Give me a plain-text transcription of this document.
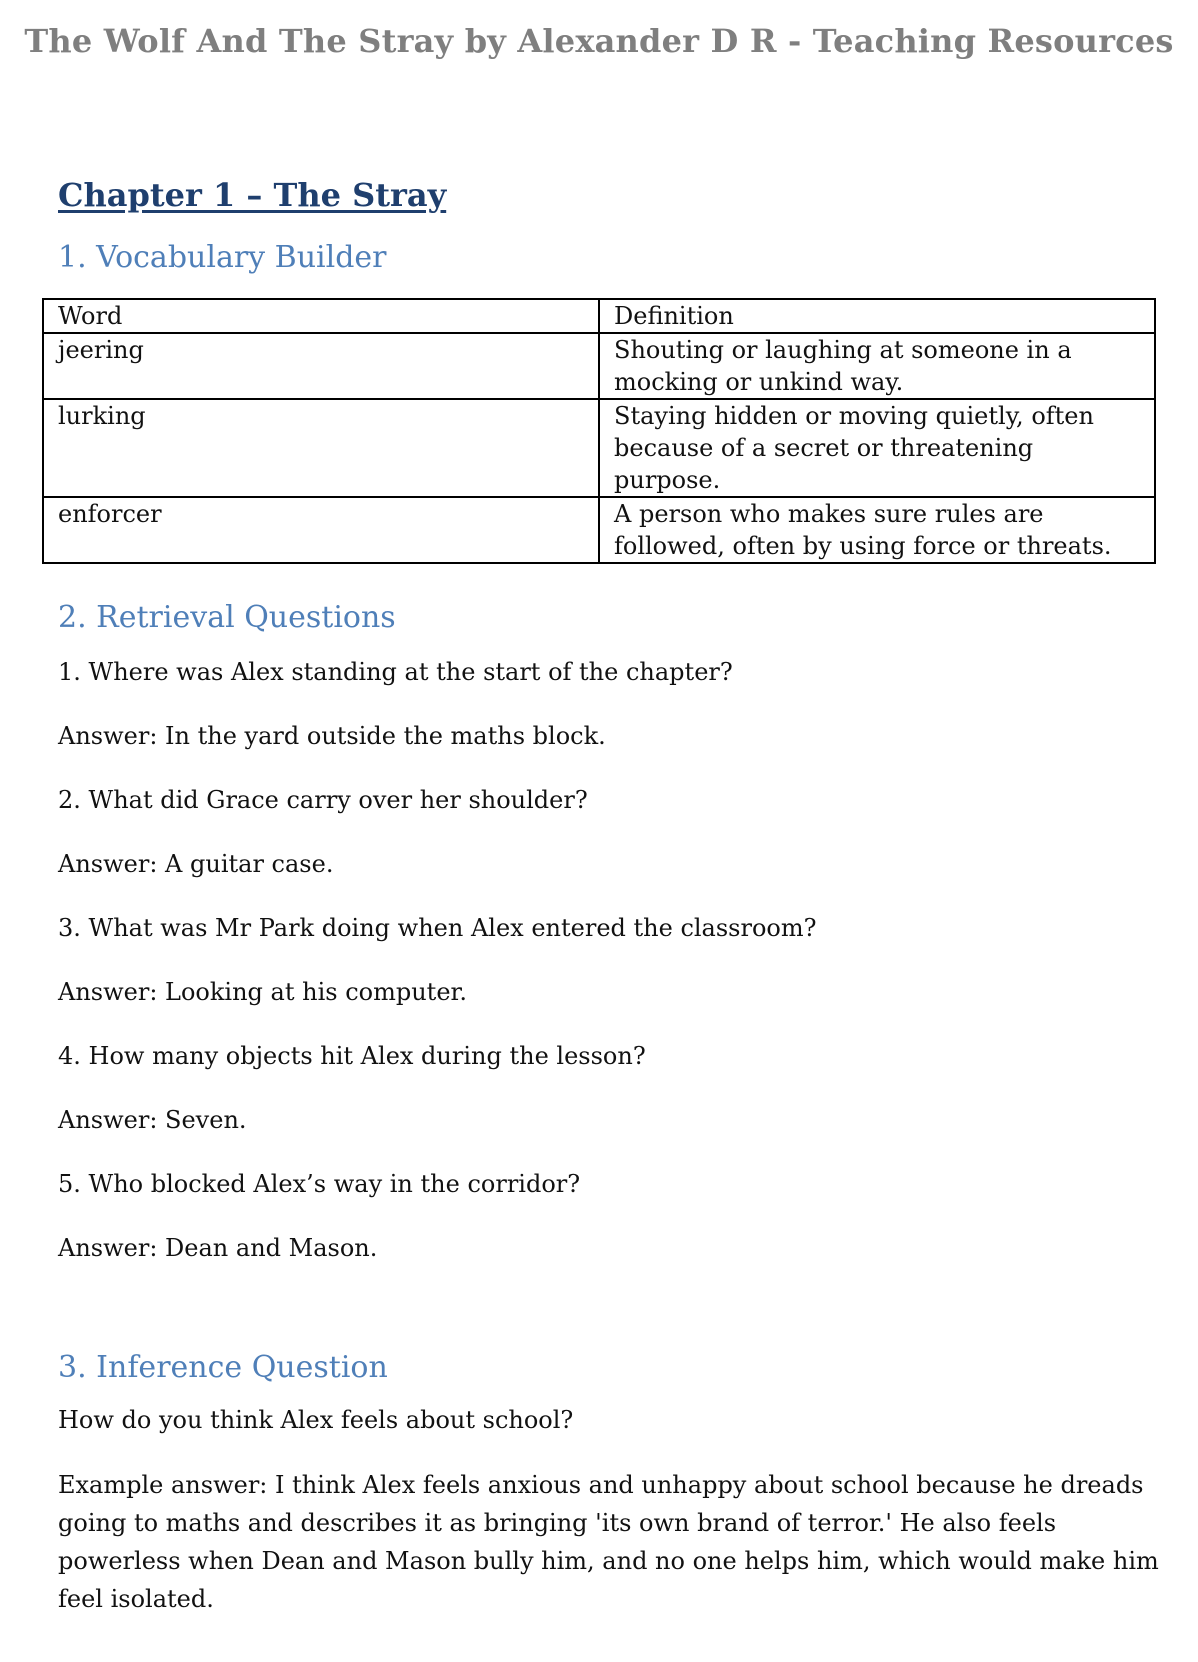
The Wolf And The Stray by Alexander D R - Teaching Resources
Chapter 1 – The Stray
1. Vocabulary Builder
Word	Definition
jeering	Shouting or laughing at someone in a mocking or unkind way.
lurking	Staying hidden or moving quietly, often because of a secret or threatening purpose.
enforcer	A person who makes sure rules are followed, often by using force or threats.
2. Retrieval Questions
1. Where was Alex standing at the start of the chapter?
Answer: In the yard outside the maths block.
2. What did Grace carry over her shoulder?
Answer: A guitar case.
3. What was Mr Park doing when Alex entered the classroom?
Answer: Looking at his computer.
4. How many objects hit Alex during the lesson?
Answer: Seven.
5. Who blocked Alex’s way in the corridor?
Answer: Dean and Mason.
3. Inference Question
How do you think Alex feels about school?
Example answer: I think Alex feels anxious and unhappy about school because he dreads going to maths and describes it as bringing 'its own brand of terror.' He also feels powerless when Dean and Mason bully him, and no one helps him, which would make him feel isolated.
